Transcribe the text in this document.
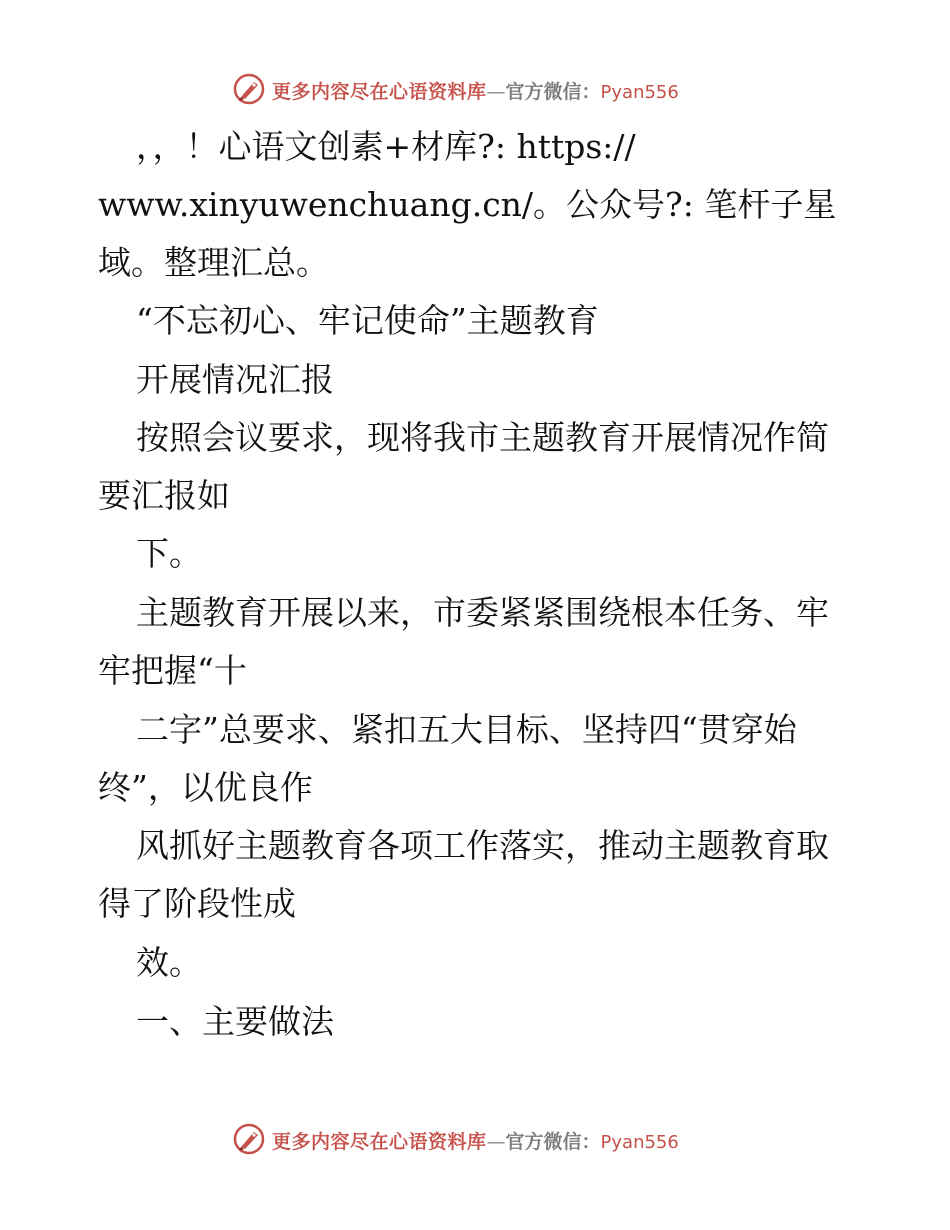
更多内容尽在心语资料库—官方微信：Pyan556
，，！心语文创素+材库?: https://
www.xinyuwenchuang.cn/。公众号?: 笔杆子星
域。整理汇总。
“不忘初心、牢记使命”主题教育
开展情况汇报
按照会议要求，现将我市主题教育开展情况作简
要汇报如
下。
主题教育开展以来，市委紧紧围绕根本任务、牢
牢把握“十
二字”总要求、紧扣五大目标、坚持四“贯穿始
终”，以优良作
风抓好主题教育各项工作落实，推动主题教育取
得了阶段性成
效。
一、主要做法
更多内容尽在心语资料库—官方微信：Pyan556
